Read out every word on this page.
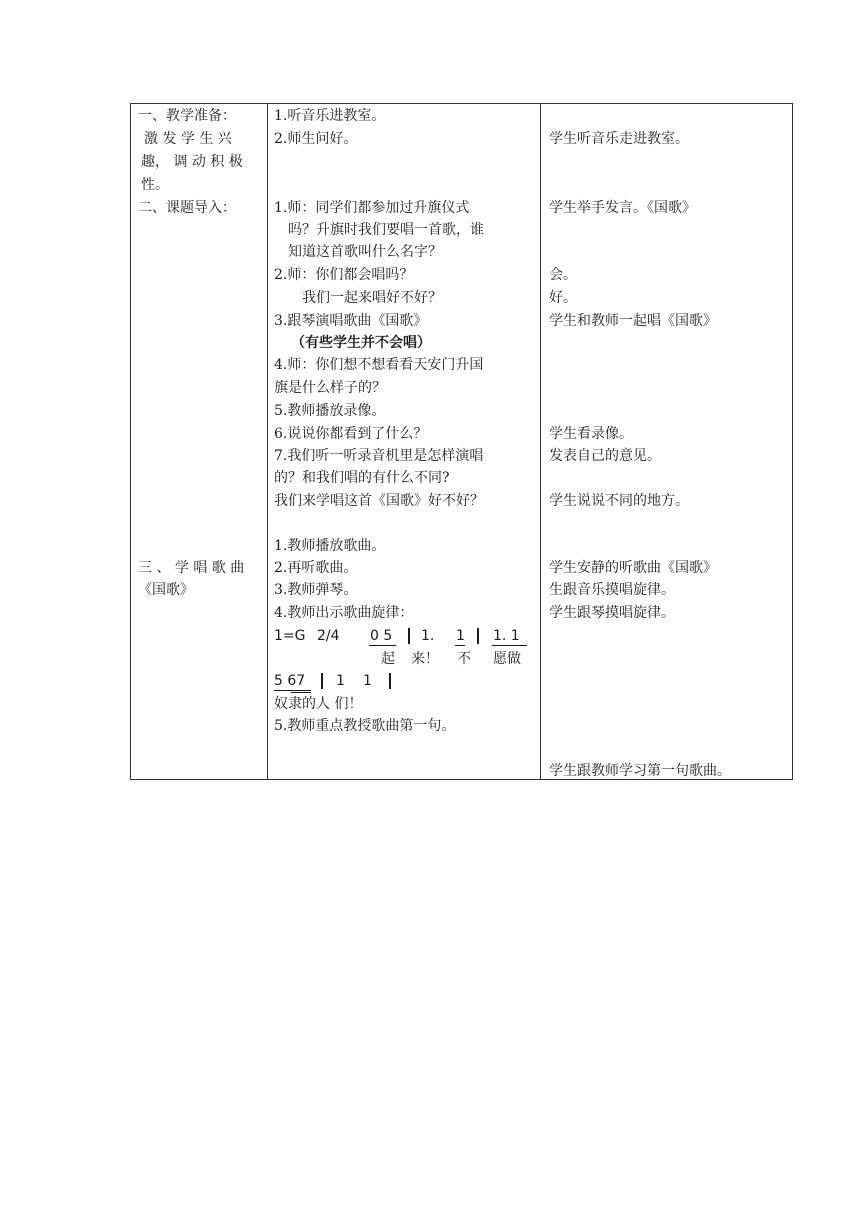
一、教学准备：
激 发 学 生 兴
趣， 调 动 积 极
性。
二、课题导入：
三 、 学 唱 歌 曲
《国歌》
1.听音乐进教室。
2.师生问好。
1.师：同学们都参加过升旗仪式
吗？升旗时我们要唱一首歌，谁
知道这首歌叫什么名字？
2.师：你们都会唱吗？
我们一起来唱好不好？
3.跟琴演唱歌曲《国歌》
（有些学生并不会唱）
4.师：你们想不想看看天安门升国
旗是什么样子的？
5.教师播放录像。
6.说说你都看到了什么？
7.我们听一听录音机里是怎样演唱
的？和我们唱的有什么不同?
我们来学唱这首《国歌》好不好？
1.教师播放歌曲。
2.再听歌曲。
3.教师弹琴。
4.教师出示歌曲旋律：
1=G 2/4 0 5 1. 1 1. 1
起 来！ 不 愿做
5 67 1 1
奴隶的人 们！
5.教师重点教授歌曲第一句。
学生听音乐走进教室。
学生举手发言。《国歌》
会。
好。
学生和教师一起唱《国歌》
学生看录像。
发表自己的意见。
学生说说不同的地方。
学生安静的听歌曲《国歌》
生跟音乐摸唱旋律。
学生跟琴摸唱旋律。
学生跟教师学习第一句歌曲。
